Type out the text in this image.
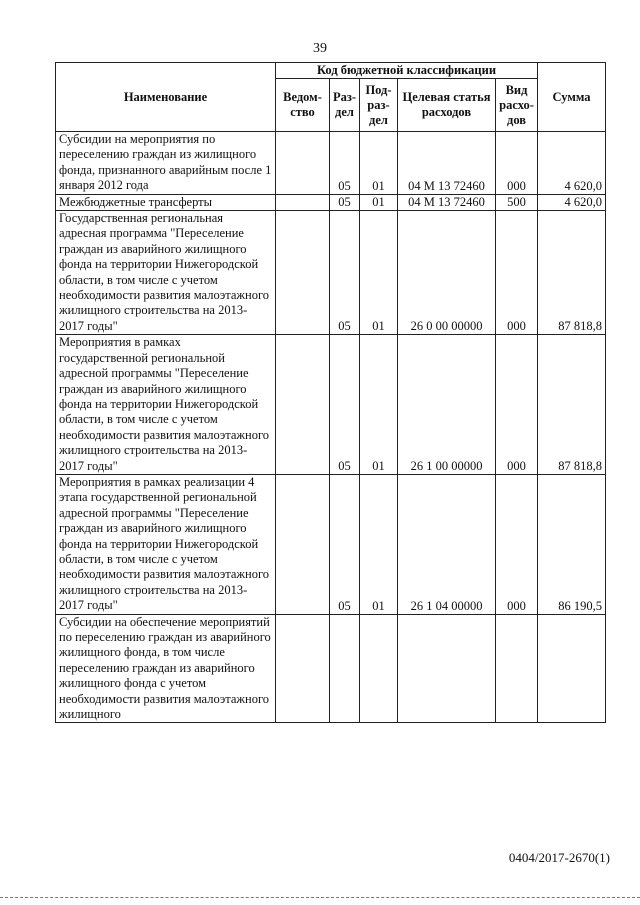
39
Наименование	Код бюджетной классификации					Сумма
	Ведом-ство	Раз-дел	Под-раз-дел	Целевая статья расходов	Вид расхо-дов	
Субсидии на мероприятия по переселению граждан из жилищного фонда, признанного аварийным после 1 января 2012 года		05	01	04 М 13 72460	000	4 620,0
Межбюджетные трансферты		05	01	04 М 13 72460	500	4 620,0
Государственная региональная адресная программа "Переселение граждан из аварийного жилищного фонда на территории Нижегородской области, в том числе с учетом необходимости развития малоэтажного жилищного строительства на 2013-2017 годы"		05	01	26 0 00 00000	000	87 818,8
Мероприятия в рамках государственной региональной адресной программы "Переселение граждан из аварийного жилищного фонда на территории Нижегородской области, в том числе с учетом необходимости развития малоэтажного жилищного строительства на 2013-2017 годы"		05	01	26 1 00 00000	000	87 818,8
Мероприятия в рамках реализации 4 этапа государственной региональной адресной программы "Переселение граждан из аварийного жилищного фонда на территории Нижегородской области, в том числе с учетом необходимости развития малоэтажного жилищного строительства на 2013-2017 годы"		05	01	26 1 04 00000	000	86 190,5
Субсидии на обеспечение мероприятий по переселению граждан из аварийного жилищного фонда, в том числе переселению граждан из аварийного жилищного фонда с учетом необходимости развития малоэтажного жилищного						
0404/2017-2670(1)
